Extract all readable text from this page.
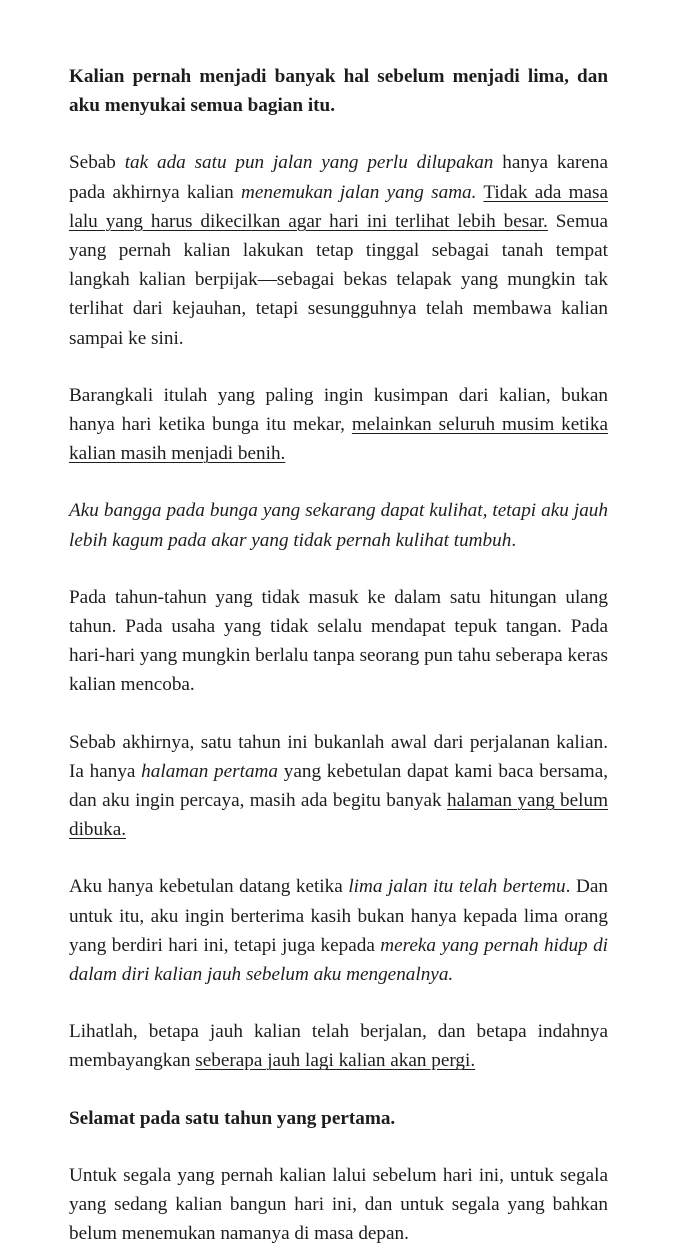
Kalian pernah menjadi banyak hal sebelum menjadi lima, dan aku menyukai semua bagian itu.

Sebab tak ada satu pun jalan yang perlu dilupakan hanya karena pada akhirnya kalian menemukan jalan yang sama. Tidak ada masa lalu yang harus dikecilkan agar hari ini terlihat lebih besar. Semua yang pernah kalian lakukan tetap tinggal sebagai tanah tempat langkah kalian berpijak—sebagai bekas telapak yang mungkin tak terlihat dari kejauhan, tetapi sesungguhnya telah membawa kalian sampai ke sini.

Barangkali itulah yang paling ingin kusimpan dari kalian, bukan hanya hari ketika bunga itu mekar, melainkan seluruh musim ketika kalian masih menjadi benih.

Aku bangga pada bunga yang sekarang dapat kulihat, tetapi aku jauh lebih kagum pada akar yang tidak pernah kulihat tumbuh.

Pada tahun-tahun yang tidak masuk ke dalam satu hitungan ulang tahun. Pada usaha yang tidak selalu mendapat tepuk tangan. Pada hari-hari yang mungkin berlalu tanpa seorang pun tahu seberapa keras kalian mencoba.

Sebab akhirnya, satu tahun ini bukanlah awal dari perjalanan kalian. Ia hanya halaman pertama yang kebetulan dapat kami baca bersama, dan aku ingin percaya, masih ada begitu banyak halaman yang belum dibuka.

Aku hanya kebetulan datang ketika lima jalan itu telah bertemu. Dan untuk itu, aku ingin berterima kasih bukan hanya kepada lima orang yang berdiri hari ini, tetapi juga kepada mereka yang pernah hidup di dalam diri kalian jauh sebelum aku mengenalnya.

Lihatlah, betapa jauh kalian telah berjalan, dan betapa indahnya membayangkan seberapa jauh lagi kalian akan pergi.

Selamat pada satu tahun yang pertama.

Untuk segala yang pernah kalian lalui sebelum hari ini, untuk segala yang sedang kalian bangun hari ini, dan untuk segala yang bahkan belum menemukan namanya di masa depan.
